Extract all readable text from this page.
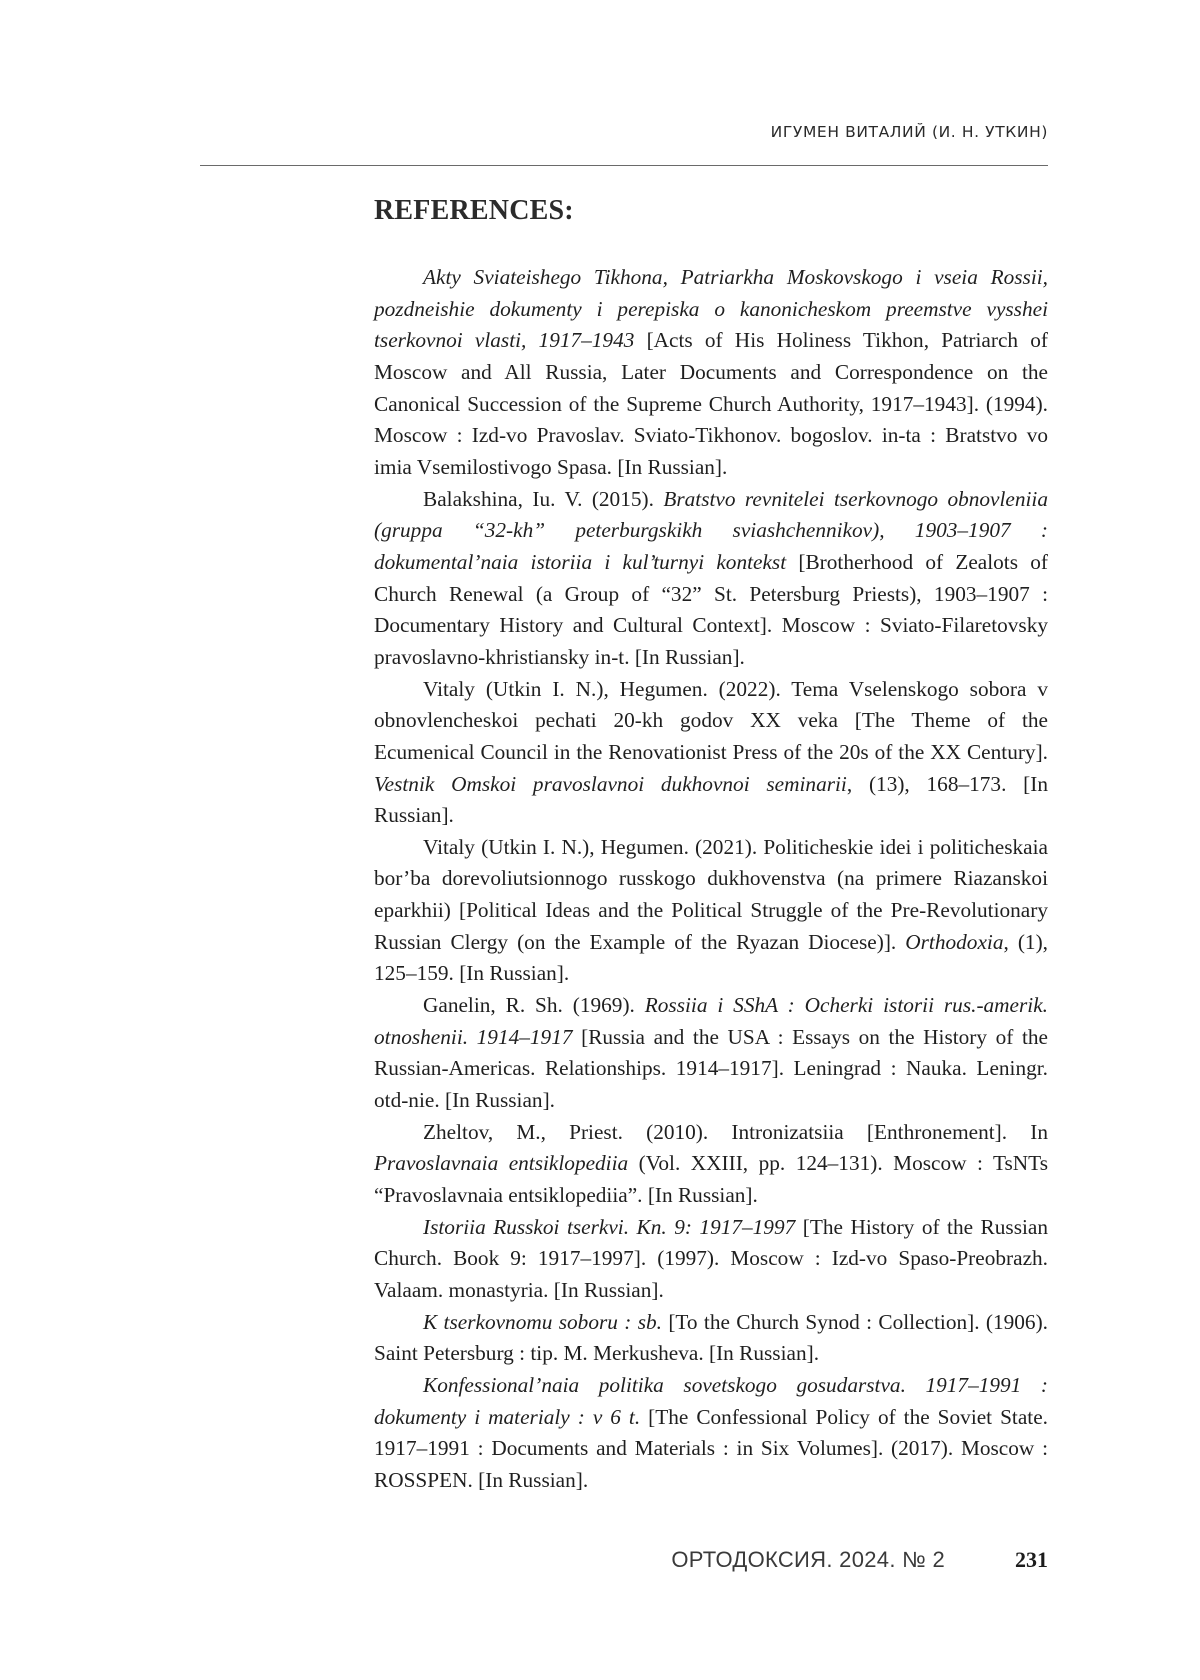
ИГУМЕН ВИТАЛИЙ (И. Н. УТКИН)
REFERENCES:

Akty Sviateishego Tikhona, Patriarkha Moskovskogo i vseia Rossii, pozdneishie dokumenty i perepiska o kanonicheskom preemstve vysshei tserkovnoi vlasti, 1917–1943 [Acts of His Holiness Tikhon, Patriarch of Moscow and All Russia, Later Documents and Correspondence on the Canonical Succession of the Supreme Church Authority, 1917–1943]. (1994). Moscow : Izd-vo Pravoslav. Sviato-Tikhonov. bogoslov. in-ta : Bratstvo vo imia Vsemilostivogo Spasa. [In Russian].

Balakshina, Iu. V. (2015). Bratstvo revnitelei tserkovnogo obnovleniia (gruppa “32-kh” peterburgskikh sviashchennikov), 1903–1907 : dokumental’naia istoriia i kul’turnyi kontekst [Brotherhood of Zealots of Church Renewal (a Group of “32” St. Petersburg Priests), 1903–1907 : Documentary History and Cultural Context]. Moscow : Sviato-Filaretovsky pravoslavno-khristiansky in-t. [In Russian].

Vitaly (Utkin I. N.), Hegumen. (2022). Tema Vselenskogo sobora v obnovlencheskoi pechati 20-kh godov XX veka [The Theme of the Ecumenical Council in the Renovationist Press of the 20s of the XX Century]. Vestnik Omskoi pravoslavnoi dukhovnoi seminarii, (13), 168–173. [In Russian].

Vitaly (Utkin I. N.), Hegumen. (2021). Politicheskie idei i politicheskaia bor’ba dorevoliutsionnogo russkogo dukhovenstva (na primere Riazanskoi eparkhii) [Political Ideas and the Political Struggle of the Pre-Revolutionary Russian Clergy (on the Example of the Ryazan Diocese)]. Orthodoxia, (1), 125–159. [In Russian].

Ganelin, R. Sh. (1969). Rossiia i SShA : Ocherki istorii rus.-amerik. otnoshenii. 1914–1917 [Russia and the USA : Essays on the History of the Russian-Americas. Relationships. 1914–1917]. Leningrad : Nauka. Leningr. otd-nie. [In Russian].

Zheltov, M., Priest. (2010). Intronizatsiia [Enthronement]. In Pravoslavnaia entsiklopediia (Vol. XXIII, pp. 124–131). Moscow : TsNTs “Pravoslavnaia entsiklopediia”. [In Russian].

Istoriia Russkoi tserkvi. Kn. 9: 1917–1997 [The History of the Russian Church. Book 9: 1917–1997]. (1997). Moscow : Izd-vo Spaso-Preobrazh. Valaam. monastyria. [In Russian].

K tserkovnomu soboru : sb. [To the Church Synod : Collection]. (1906). Saint Petersburg : tip. M. Merkusheva. [In Russian].

Konfessional’naia politika sovetskogo gosudarstva. 1917–1991 : dokumenty i materialy : v 6 t. [The Confessional Policy of the Soviet State. 1917–1991 : Documents and Materials : in Six Volumes]. (2017). Moscow : ROSSPEN. [In Russian].

ОРТОДОКСИЯ. 2024. № 2	231
